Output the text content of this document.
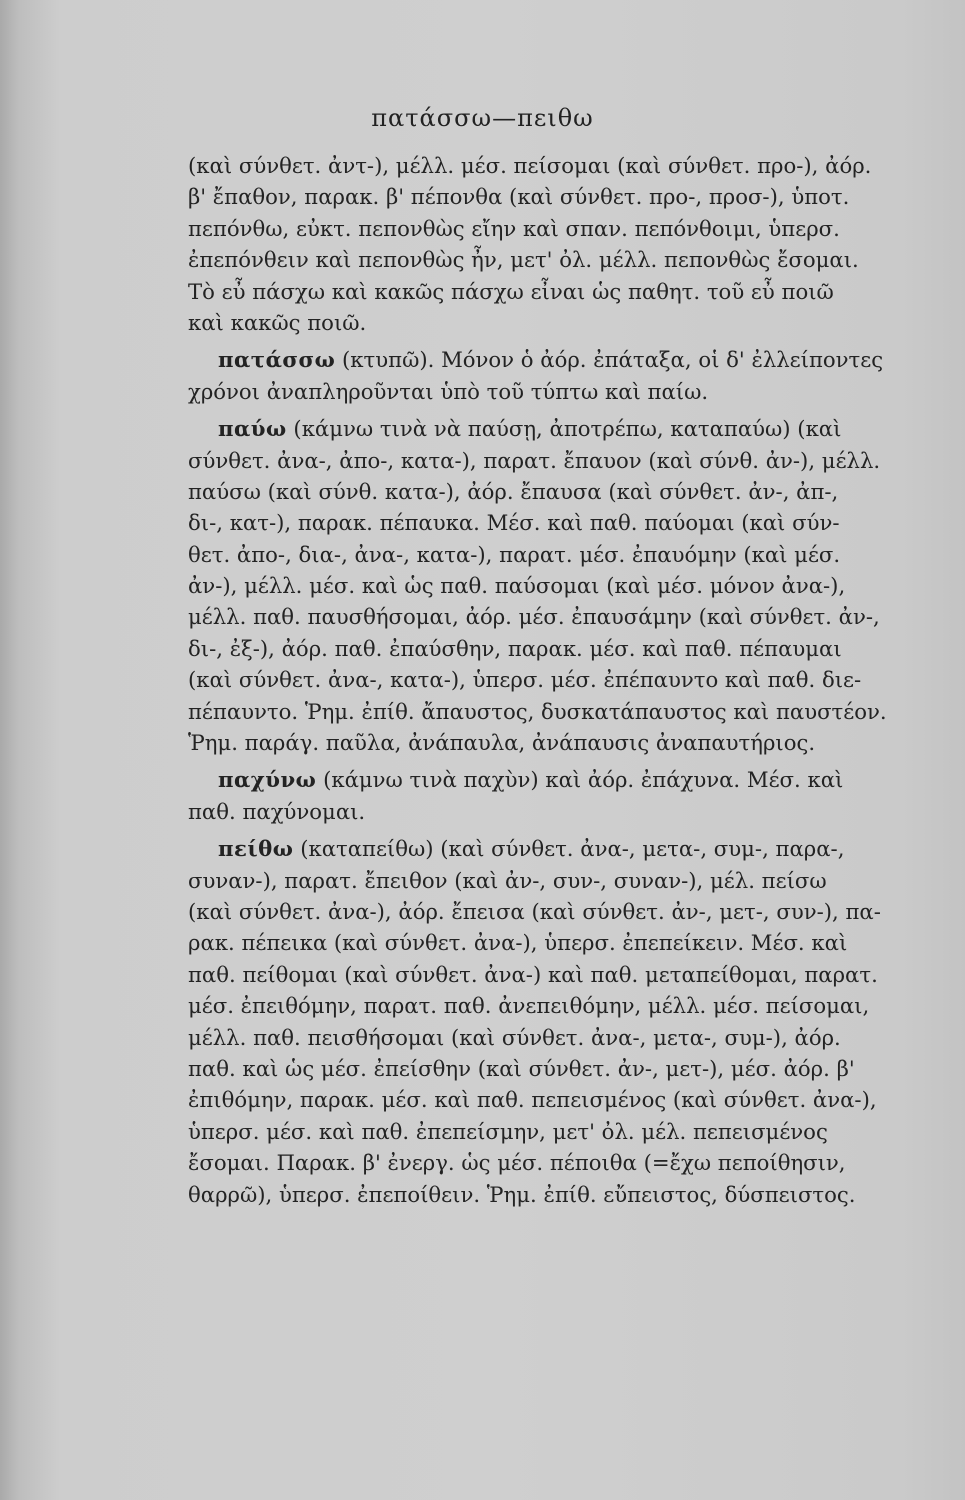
πατάσσω—πειθω
(καὶ σύνθετ. ἀντ-), μέλλ. μέσ. πείσομαι (καὶ σύνθετ. προ-), ἀόρ.
β' ἔπαθον, παρακ. β' πέπονθα (καὶ σύνθετ. προ-, προσ-), ὑποτ.
πεπόνθω, εὐκτ. πεπονθὼς εἴην καὶ σπαν. πεπόνθοιμι, ὑπερσ.
ἐπεπόνθειν καὶ πεπονθὼς ἦν, μετ' ὀλ. μέλλ. πεπονθὼς ἔσομαι.
Τὸ εὖ πάσχω καὶ κακῶς πάσχω εἶναι ὡς παθητ. τοῦ εὖ ποιῶ
καὶ κακῶς ποιῶ.
πατάσσω (κτυπῶ). Μόνον ὁ ἀόρ. ἐπάταξα, οἱ δ' ἐλλείποντες
χρόνοι ἀναπληροῦνται ὑπὸ τοῦ τύπτω καὶ παίω.
παύω (κάμνω τινὰ νὰ παύσῃ, ἀποτρέπω, καταπαύω) (καὶ
σύνθετ. ἀνα-, ἀπο-, κατα-), παρατ. ἔπαυον (καὶ σύνθ. ἀν-), μέλλ.
παύσω (καὶ σύνθ. κατα-), ἀόρ. ἔπαυσα (καὶ σύνθετ. ἀν-, ἀπ-,
δι-, κατ-), παρακ. πέπαυκα. Μέσ. καὶ παθ. παύομαι (καὶ σύν-
θετ. ἀπο-, δια-, ἀνα-, κατα-), παρατ. μέσ. ἐπαυόμην (καὶ μέσ.
ἀν-), μέλλ. μέσ. καὶ ὡς παθ. παύσομαι (καὶ μέσ. μόνον ἀνα-),
μέλλ. παθ. παυσθήσομαι, ἀόρ. μέσ. ἐπαυσάμην (καὶ σύνθετ. ἀν-,
δι-, ἐξ-), ἀόρ. παθ. ἐπαύσθην, παρακ. μέσ. καὶ παθ. πέπαυμαι
(καὶ σύνθετ. ἀνα-, κατα-), ὑπερσ. μέσ. ἐπέπαυντο καὶ παθ. διε-
πέπαυντο. Ῥημ. ἐπίθ. ἄπαυστος, δυσκατάπαυστος καὶ παυστέον.
Ῥημ. παράγ. παῦλα, ἀνάπαυλα, ἀνάπαυσις ἀναπαυτήριος.
παχύνω (κάμνω τινὰ παχὺν) καὶ ἀόρ. ἐπάχυνα. Μέσ. καὶ
παθ. παχύνομαι.
πείθω (καταπείθω) (καὶ σύνθετ. ἀνα-, μετα-, συμ-, παρα-,
συναν-), παρατ. ἔπειθον (καὶ ἀν-, συν-, συναν-), μέλ. πείσω
(καὶ σύνθετ. ἀνα-), ἀόρ. ἔπεισα (καὶ σύνθετ. ἀν-, μετ-, συν-), πα-
ρακ. πέπεικα (καὶ σύνθετ. ἀνα-), ὑπερσ. ἐπεπείκειν. Μέσ. καὶ
παθ. πείθομαι (καὶ σύνθετ. ἀνα-) καὶ παθ. μεταπείθομαι, παρατ.
μέσ. ἐπειθόμην, παρατ. παθ. ἀνεπειθόμην, μέλλ. μέσ. πείσομαι,
μέλλ. παθ. πεισθήσομαι (καὶ σύνθετ. ἀνα-, μετα-, συμ-), ἀόρ.
παθ. καὶ ὡς μέσ. ἐπείσθην (καὶ σύνθετ. ἀν-, μετ-), μέσ. ἀόρ. β'
ἐπιθόμην, παρακ. μέσ. καὶ παθ. πεπεισμένος (καὶ σύνθετ. ἀνα-),
ὑπερσ. μέσ. καὶ παθ. ἐπεπείσμην, μετ' ὀλ. μέλ. πεπεισμένος
ἔσομαι. Παρακ. β' ἐνεργ. ὡς μέσ. πέποιθα (=ἔχω πεποίθησιν,
θαρρῶ), ὑπερσ. ἐπεποίθειν. Ῥημ. ἐπίθ. εὔπειστος, δύσπειστος.
